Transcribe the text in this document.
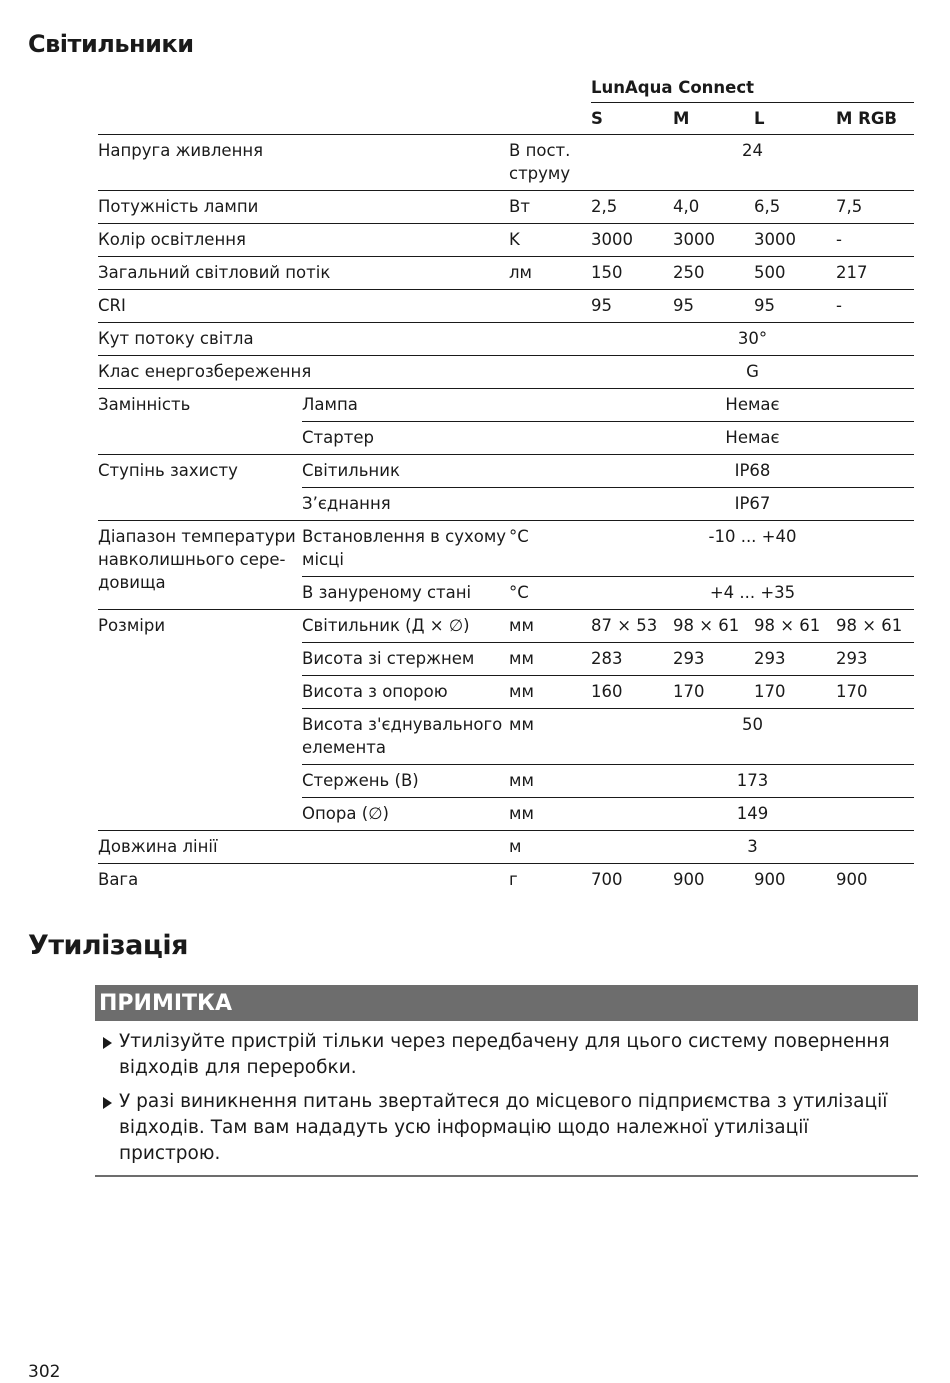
Світильники
			LunAqua Connect			
			S	M	L	M RGB
Напруга живлення		В пост. струму	24			
Потужність лампи		Вт	2,5	4,0	6,5	7,5
Колір освітлення		K	3000	3000	3000	-
Загальний світловий потік		лм	150	250	500	217
CRI			95	95	95	-
Кут потоку світла			30°			
Клас енергозбереження			G			
Замінність	Лампа		Немає			
	Стартер		Немає			
Ступінь захисту	Світильник		IP68			
	З’єднання		IP67			
Діапазон температури навколишнього середовища	Встановлення в сухому місці	°C	-10 ... +40			
	В зануреному стані	°C	+4 ... +35			
Розміри	Світильник (Д × ∅)	мм	87 × 53	98 × 61	98 × 61	98 × 61
	Висота зі стержнем	мм	283	293	293	293
	Висота з опорою	мм	160	170	170	170
	Висота з'єднувального елемента	мм	50			
	Стержень (B)	мм	173			
	Опора (∅)	мм	149			
Довжина лінії		м	3			
Вага		г	700	900	900	900
Утилізація
ПРИМІТКА
Утилізуйте пристрій тільки через передбачену для цього систему повернення відходів для переробки.
У разі виникнення питань звертайтеся до місцевого підприємства з утилізації відходів. Там вам нададуть усю інформацію щодо належної утилізації пристрою.
302
